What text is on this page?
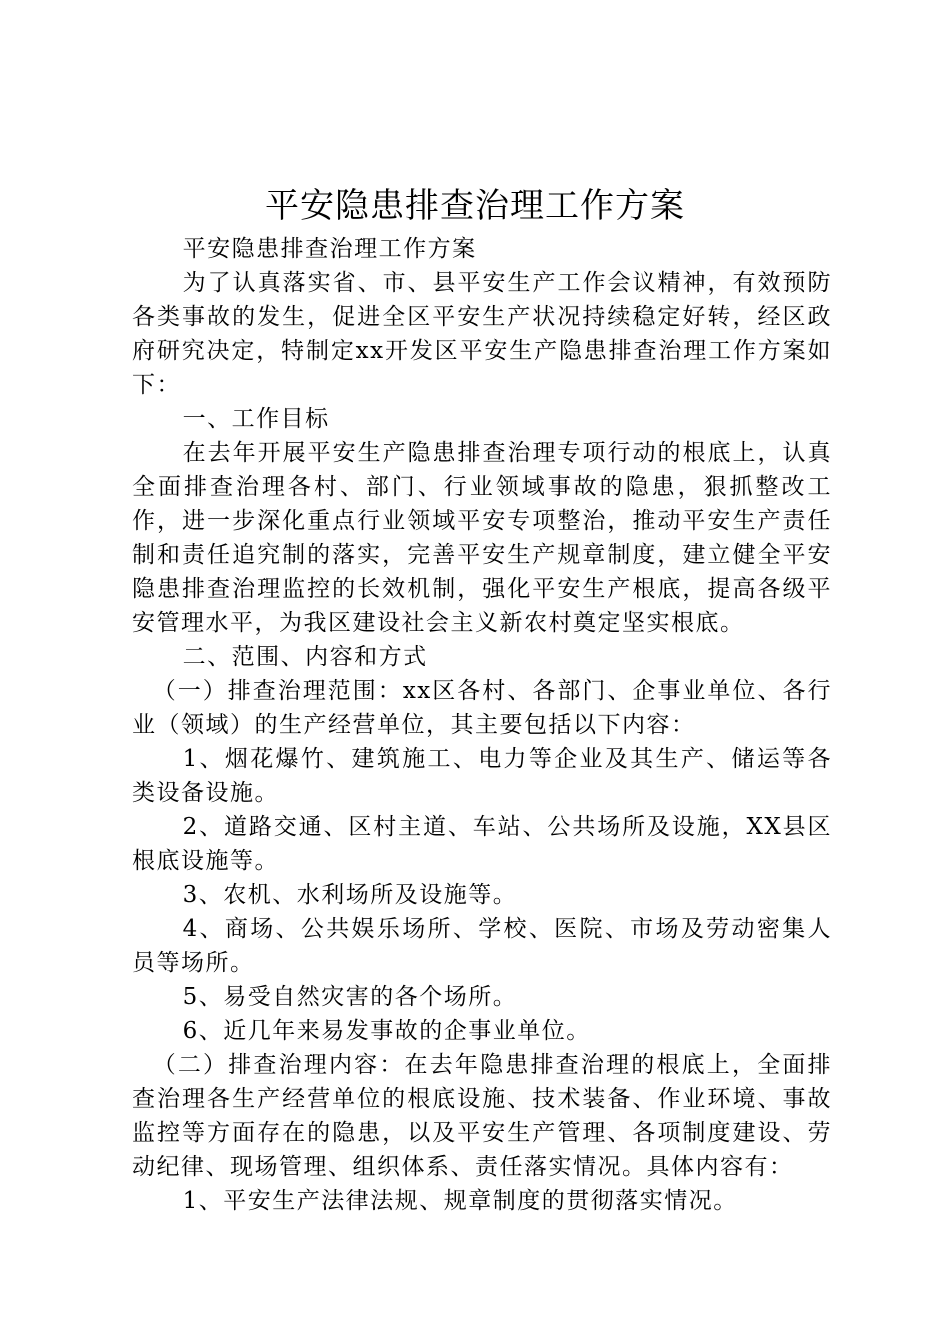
平安隐患排查治理工作方案

平安隐患排查治理工作方案

为了认真落实省、市、县平安生产工作会议精神，有效预防各类事故的发生，促进全区平安生产状况持续稳定好转，经区政府研究决定，特制定xx开发区平安生产隐患排查治理工作方案如下：

一、工作目标

在去年开展平安生产隐患排查治理专项行动的根底上，认真全面排查治理各村、部门、行业领域事故的隐患，狠抓整改工作，进一步深化重点行业领域平安专项整治，推动平安生产责任制和责任追究制的落实，完善平安生产规章制度，建立健全平安隐患排查治理监控的长效机制，强化平安生产根底，提高各级平安管理水平，为我区建设社会主义新农村奠定坚实根底。

二、范围、内容和方式

（一）排查治理范围：xx区各村、各部门、企事业单位、各行业（领域）的生产经营单位，其主要包括以下内容：

1、烟花爆竹、建筑施工、电力等企业及其生产、储运等各类设备设施。

2、道路交通、区村主道、车站、公共场所及设施，XX县区根底设施等。

3、农机、水利场所及设施等。

4、商场、公共娱乐场所、学校、医院、市场及劳动密集人员等场所。

5、易受自然灾害的各个场所。

6、近几年来易发事故的企事业单位。

（二）排查治理内容：在去年隐患排查治理的根底上，全面排查治理各生产经营单位的根底设施、技术装备、作业环境、事故监控等方面存在的隐患，以及平安生产管理、各项制度建设、劳动纪律、现场管理、组织体系、责任落实情况。具体内容有：

1、平安生产法律法规、规章制度的贯彻落实情况。
